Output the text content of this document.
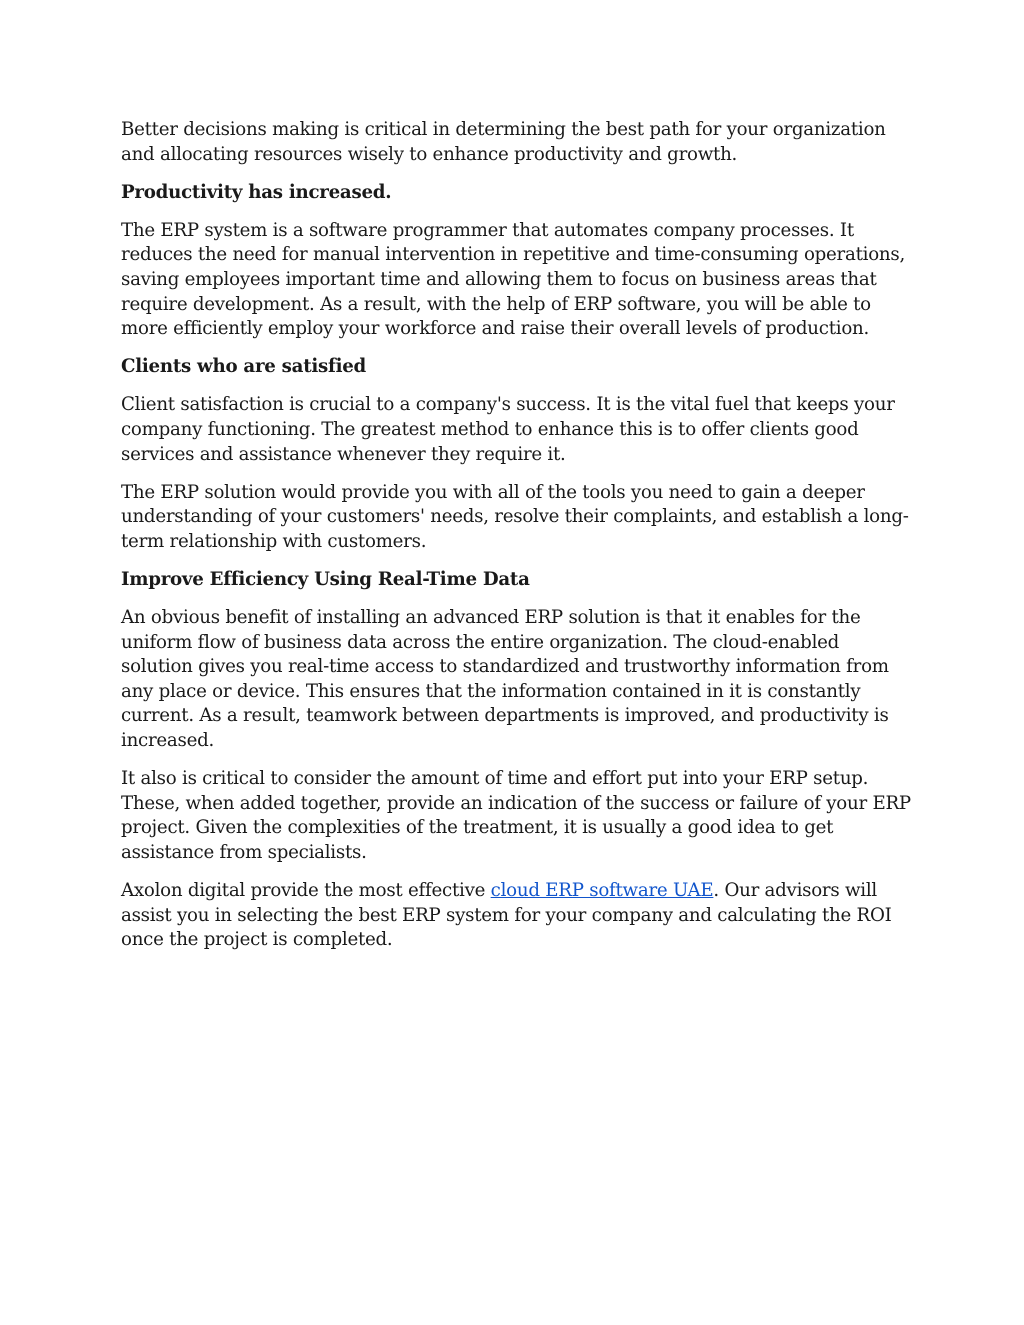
Better decisions making is critical in determining the best path for your organization and allocating resources wisely to enhance productivity and growth.

Productivity has increased.

The ERP system is a software programmer that automates company processes. It reduces the need for manual intervention in repetitive and time-consuming operations, saving employees important time and allowing them to focus on business areas that require development. As a result, with the help of ERP software, you will be able to more efficiently employ your workforce and raise their overall levels of production.

Clients who are satisfied

Client satisfaction is crucial to a company's success. It is the vital fuel that keeps your company functioning. The greatest method to enhance this is to offer clients good services and assistance whenever they require it.

The ERP solution would provide you with all of the tools you need to gain a deeper understanding of your customers' needs, resolve their complaints, and establish a long-term relationship with customers.

Improve Efficiency Using Real-Time Data

An obvious benefit of installing an advanced ERP solution is that it enables for the uniform flow of business data across the entire organization. The cloud-enabled solution gives you real-time access to standardized and trustworthy information from any place or device. This ensures that the information contained in it is constantly current. As a result, teamwork between departments is improved, and productivity is increased.

It also is critical to consider the amount of time and effort put into your ERP setup. These, when added together, provide an indication of the success or failure of your ERP project. Given the complexities of the treatment, it is usually a good idea to get assistance from specialists.

Axolon digital provide the most effective cloud ERP software UAE. Our advisors will assist you in selecting the best ERP system for your company and calculating the ROI once the project is completed.
